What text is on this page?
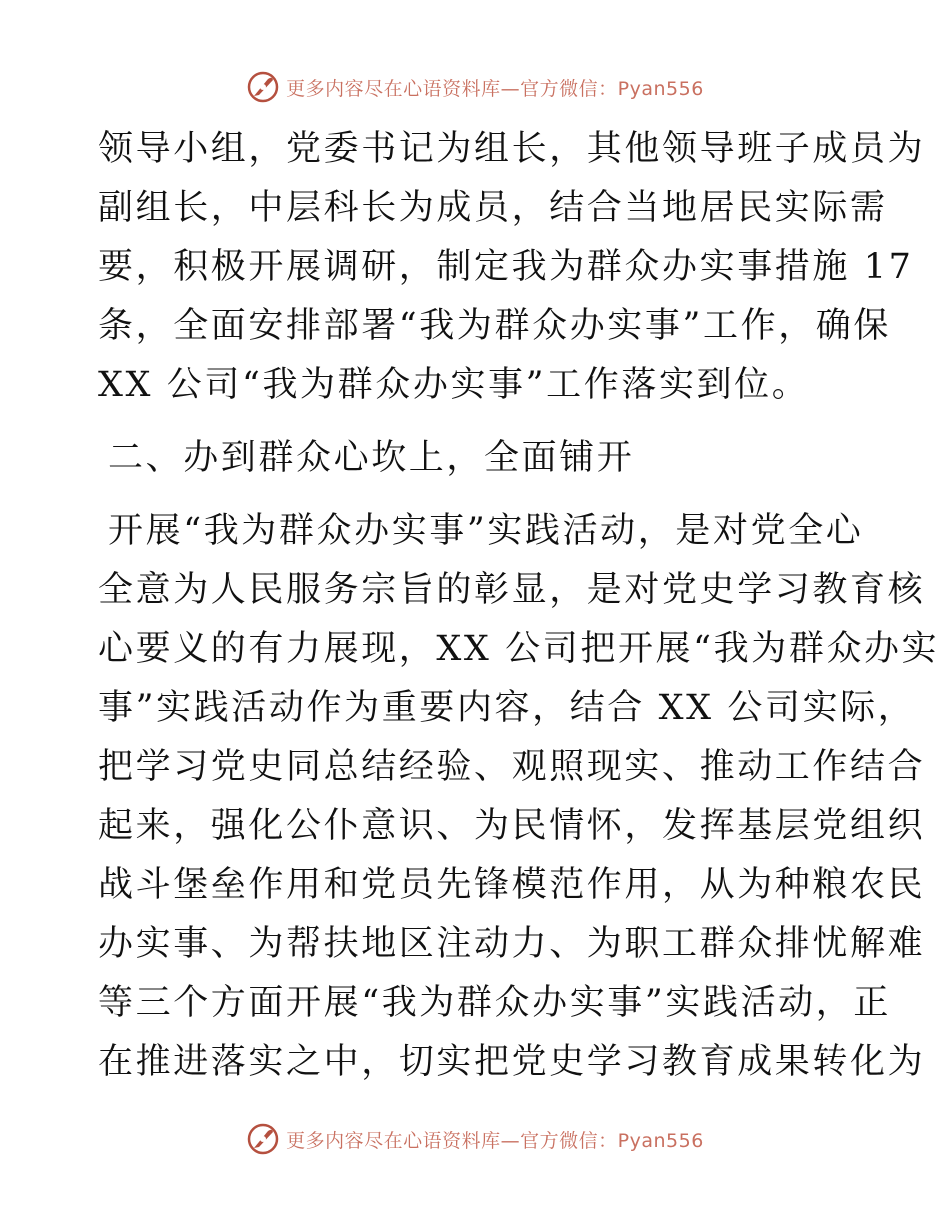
更多内容尽在心语资料库—官方微信：Pyan556
领导小组，党委书记为组长，其他领导班子成员为
副组长，中层科长为成员，结合当地居民实际需
要，积极开展调研，制定我为群众办实事措施 17
条，全面安排部署“我为群众办实事”工作，确保
XX 公司“我为群众办实事”工作落实到位。
二、办到群众心坎上，全面铺开
开展“我为群众办实事”实践活动，是对党全心
全意为人民服务宗旨的彰显，是对党史学习教育核
心要义的有力展现，XX 公司把开展“我为群众办实
事”实践活动作为重要内容，结合 XX 公司实际，
把学习党史同总结经验、观照现实、推动工作结合
起来，强化公仆意识、为民情怀，发挥基层党组织
战斗堡垒作用和党员先锋模范作用，从为种粮农民
办实事、为帮扶地区注动力、为职工群众排忧解难
等三个方面开展“我为群众办实事”实践活动，正
在推进落实之中，切实把党史学习教育成果转化为
更多内容尽在心语资料库—官方微信：Pyan556
